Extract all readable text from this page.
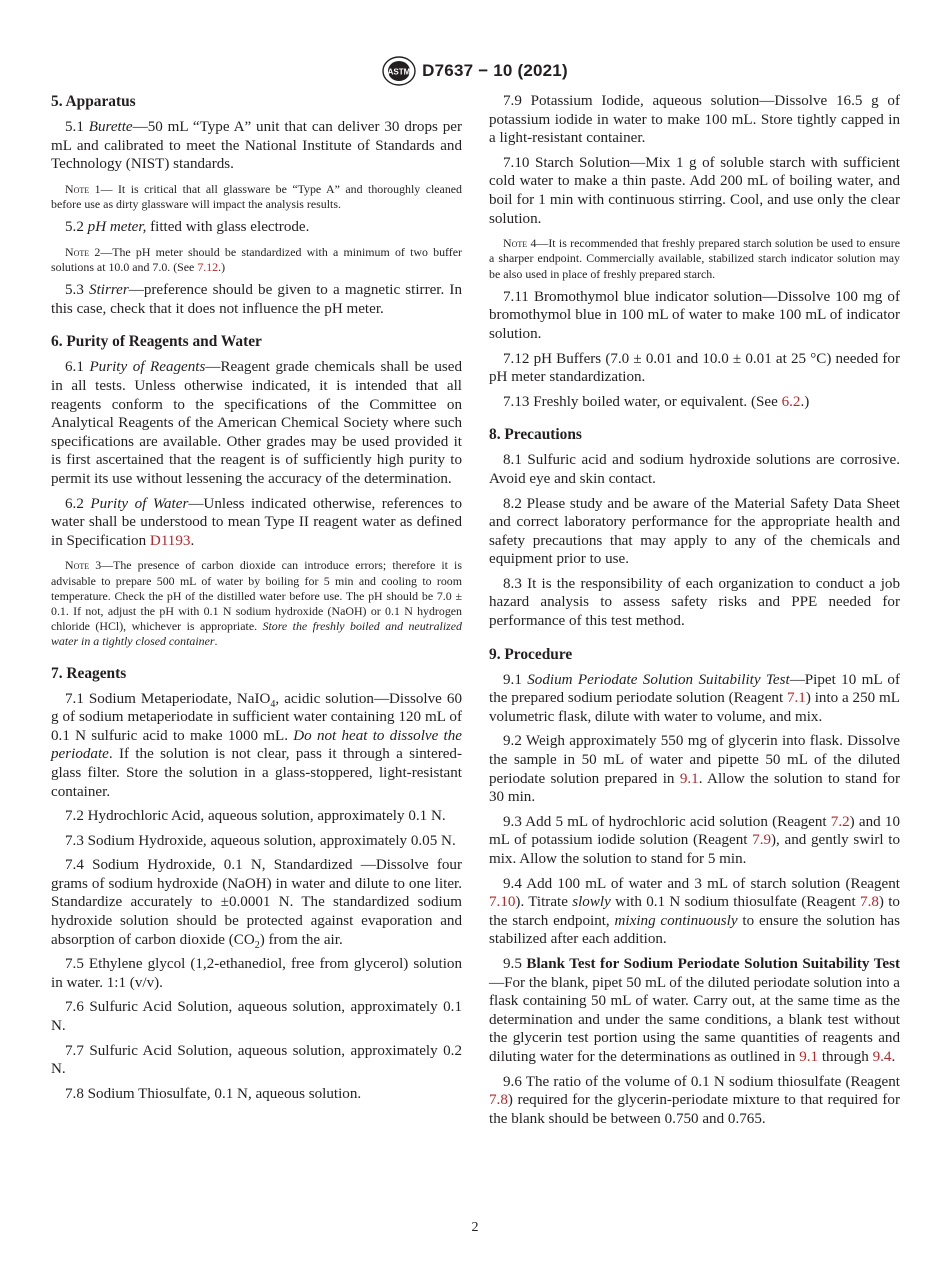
ASTM D7637 − 10 (2021)
5. Apparatus

5.1 Burette—50 mL “Type A” unit that can deliver 30 drops per mL and calibrated to meet the National Institute of Standards and Technology (NIST) standards.

Note 1— It is critical that all glassware be “Type A” and thoroughly cleaned before use as dirty glassware will impact the analysis results.

5.2 pH meter, fitted with glass electrode.

Note 2—The pH meter should be standardized with a minimum of two buffer solutions at 10.0 and 7.0. (See 7.12.)

5.3 Stirrer—preference should be given to a magnetic stirrer. In this case, check that it does not influence the pH meter.

6. Purity of Reagents and Water

6.1 Purity of Reagents—Reagent grade chemicals shall be used in all tests. Unless otherwise indicated, it is intended that all reagents conform to the specifications of the Committee on Analytical Reagents of the American Chemical Society where such specifications are available. Other grades may be used provided it is first ascertained that the reagent is of sufficiently high purity to permit its use without lessening the accuracy of the determination.

6.2 Purity of Water—Unless indicated otherwise, references to water shall be understood to mean Type II reagent water as defined in Specification D1193.

Note 3—The presence of carbon dioxide can introduce errors; therefore it is advisable to prepare 500 mL of water by boiling for 5 min and cooling to room temperature. Check the pH of the distilled water before use. The pH should be 7.0 ± 0.1. If not, adjust the pH with 0.1 N sodium hydroxide (NaOH) or 0.1 N hydrogen chloride (HCl), whichever is appropriate. Store the freshly boiled and neutralized water in a tightly closed container.

7. Reagents

7.1 Sodium Metaperiodate, NaIO$_4$, acidic solution—Dissolve 60 g of sodium metaperiodate in sufficient water containing 120 mL of 0.1 N sulfuric acid to make 1000 mL. Do not heat to dissolve the periodate. If the solution is not clear, pass it through a sintered-glass filter. Store the solution in a glass-stoppered, light-resistant container.

7.2 Hydrochloric Acid, aqueous solution, approximately 0.1 N.

7.3 Sodium Hydroxide, aqueous solution, approximately 0.05 N.

7.4 Sodium Hydroxide, 0.1 N, Standardized —Dissolve four grams of sodium hydroxide (NaOH) in water and dilute to one liter. Standardize accurately to ±0.0001 N. The standardized sodium hydroxide solution should be protected against evaporation and absorption of carbon dioxide $(CO_2)$ from the air.

7.5 Ethylene glycol (1,2-ethanediol, free from glycerol) solution in water. 1:1 (v/v).

7.6 Sulfuric Acid Solution, aqueous solution, approximately 0.1 N.

7.7 Sulfuric Acid Solution, aqueous solution, approximately 0.2 N.

7.8 Sodium Thiosulfate, 0.1 N, aqueous solution.

7.9 Potassium Iodide, aqueous solution—Dissolve 16.5 g of potassium iodide in water to make 100 mL. Store tightly capped in a light-resistant container.

7.10 Starch Solution—Mix 1 g of soluble starch with sufficient cold water to make a thin paste. Add 200 mL of boiling water, and boil for 1 min with continuous stirring. Cool, and use only the clear solution.

Note 4—It is recommended that freshly prepared starch solution be used to ensure a sharper endpoint. Commercially available, stabilized starch indicator solution may be also used in place of freshly prepared starch.

7.11 Bromothymol blue indicator solution—Dissolve 100 mg of bromothymol blue in 100 mL of water to make 100 mL of indicator solution.

7.12 pH Buffers (7.0 ± 0.01 and 10.0 ± 0.01 at 25 °C) needed for pH meter standardization.

7.13 Freshly boiled water, or equivalent. (See 6.2.)

8. Precautions

8.1 Sulfuric acid and sodium hydroxide solutions are corrosive. Avoid eye and skin contact.

8.2 Please study and be aware of the Material Safety Data Sheet and correct laboratory performance for the appropriate health and safety precautions that may apply to any of the chemicals and equipment prior to use.

8.3 It is the responsibility of each organization to conduct a job hazard analysis to assess safety risks and PPE needed for performance of this test method.

9. Procedure

9.1 Sodium Periodate Solution Suitability Test—Pipet 10 mL of the prepared sodium periodate solution (Reagent 7.1) into a 250 mL volumetric flask, dilute with water to volume, and mix.

9.2 Weigh approximately 550 mg of glycerin into flask. Dissolve the sample in 50 mL of water and pipette 50 mL of the diluted periodate solution prepared in 9.1. Allow the solution to stand for 30 min.

9.3 Add 5 mL of hydrochloric acid solution (Reagent 7.2) and 10 mL of potassium iodide solution (Reagent 7.9), and gently swirl to mix. Allow the solution to stand for 5 min.

9.4 Add 100 mL of water and 3 mL of starch solution (Reagent 7.10). Titrate slowly with 0.1 N sodium thiosulfate (Reagent 7.8) to the starch endpoint, mixing continuously to ensure the solution has stabilized after each addition.

9.5 Blank Test for Sodium Periodate Solution Suitability Test—For the blank, pipet 50 mL of the diluted periodate solution into a flask containing 50 mL of water. Carry out, at the same time as the determination and under the same conditions, a blank test without the glycerin test portion using the same quantities of reagents and diluting water for the determinations as outlined in 9.1 through 9.4.

9.6 The ratio of the volume of 0.1 N sodium thiosulfate (Reagent 7.8) required for the glycerin-periodate mixture to that required for the blank should be between 0.750 and 0.765.

2
